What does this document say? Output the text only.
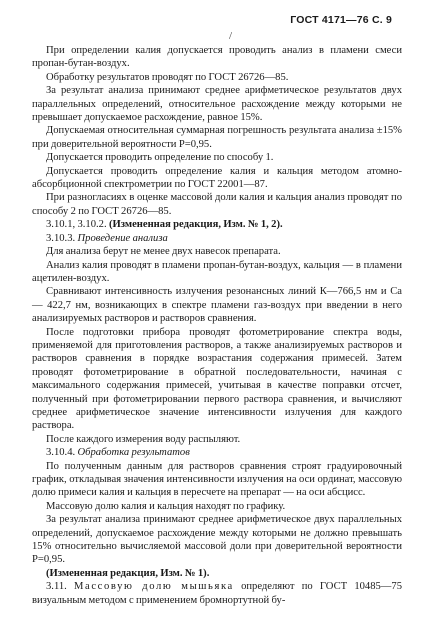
ГОСТ 4171—76 С. 9
/

При определении калия допускается проводить анализ в пламени смеси пропан-бутан-воздух.

Обработку результатов проводят по ГОСТ 26726—85.

За результат анализа принимают среднее арифметическое результатов двух параллельных определений, относительное расхождение между которыми не превышает допускаемое расхождение, равное 15%.

Допускаемая относительная суммарная погрешность результата анализа ±15% при доверительной вероятности P=0,95.

Допускается проводить определение по способу 1.

Допускается проводить определение калия и кальция методом атомно-абсорбционной спектрометрии по ГОСТ 22001—87.

При разногласиях в оценке массовой доли калия и кальция анализ проводят по способу 2 по ГОСТ 26726—85.

3.10.1, 3.10.2. (Измененная редакция, Изм. № 1, 2).

3.10.3. Проведение анализа

Для анализа берут не менее двух навесок препарата.

Анализ калия проводят в пламени пропан-бутан-воздух, кальция — в пламени ацетилен-воздух.

Сравнивают интенсивность излучения резонансных линий К—766,5 нм и Са — 422,7 нм, возникающих в спектре пламени газ-воздух при введении в него анализируемых растворов и растворов сравнения.

После подготовки прибора проводят фотометрирование спектра воды, применяемой для приготовления растворов, а также анализируемых растворов и растворов сравнения в порядке возрастания содержания примесей. Затем проводят фотометрирование в обратной последовательности, начиная с максимального содержания примесей, учитывая в качестве поправки отсчет, полученный при фотометрировании первого раствора сравнения, и вычисляют среднее арифметическое значение интенсивности излучения для каждого раствора.

После каждого измерения воду распыляют.

3.10.4. Обработка результатов

По полученным данным для растворов сравнения строят градуировочный график, откладывая значения интенсивности излучения на оси ординат, массовую долю примеси калия и кальция в пересчете на препарат — на оси абсцисс.

Массовую долю калия и кальция находят по графику.

За результат анализа принимают среднее арифметическое двух параллельных определений, допускаемое расхождение между которыми не должно превышать 15% относительно вычисляемой массовой доли при доверительной вероятности P=0,95.

(Измененная редакция, Изм. № 1).

3.11. Массовую долю мышьяка определяют по ГОСТ 10485—75 визуальным методом с применением бромнортутной бу-
